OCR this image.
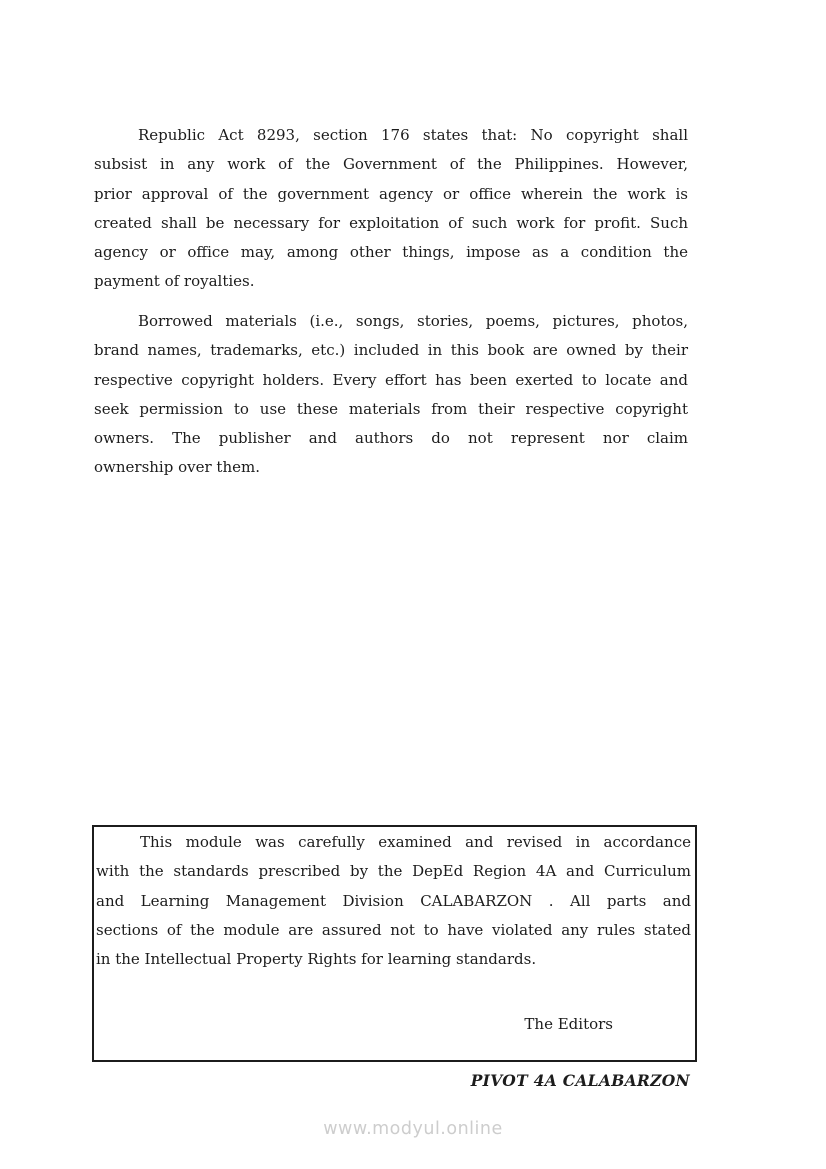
Republic Act 8293, section 176 states that: No copyright shall
subsist in any work of the Government of the Philippines. However,
prior approval of the government agency or office wherein the work is
created shall be necessary for exploitation of such work for profit. Such
agency or office may, among other things, impose as a condition the
payment of royalties.
Borrowed materials (i.e., songs, stories, poems, pictures, photos,
brand names, trademarks, etc.) included in this book are owned by their
respective copyright holders. Every effort has been exerted to locate and
seek permission to use these materials from their respective copyright
owners. The publisher and authors do not represent nor claim
ownership over them.
This module was carefully examined and revised in accordance
with the standards prescribed by the DepEd Region 4A and Curriculum
and Learning Management Division CALABARZON . All parts and
sections of the module are assured not to have violated any rules stated
in the Intellectual Property Rights for learning standards.
The Editors
PIVOT 4A CALABARZON
www.modyul.online
